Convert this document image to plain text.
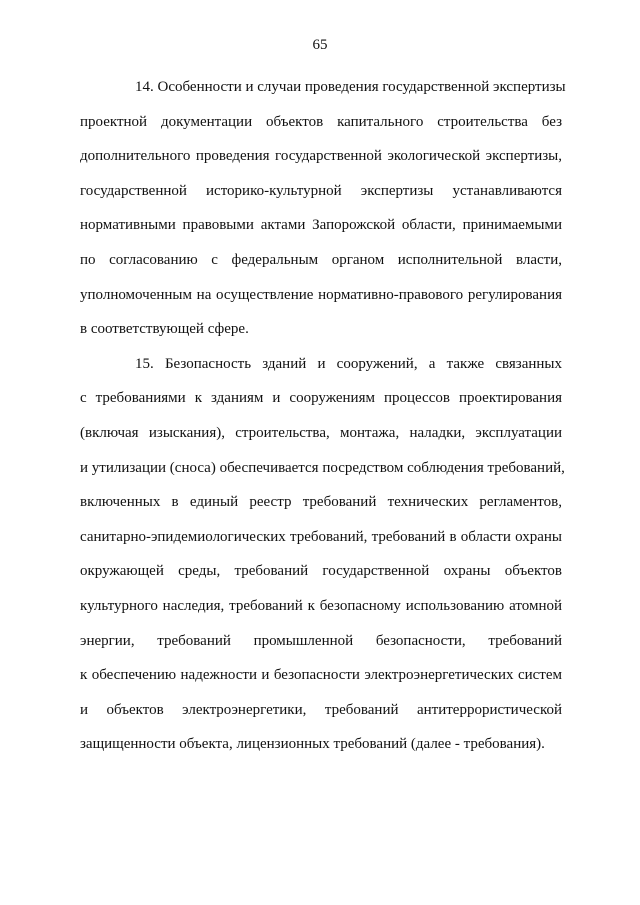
65

14. Особенности и случаи проведения государственной экспертизы
проектной документации объектов капитального строительства без
дополнительного проведения государственной экологической экспертизы,
государственной историко-культурной экспертизы устанавливаются
нормативными правовыми актами Запорожской области, принимаемыми
по согласованию с федеральным органом исполнительной власти,
уполномоченным на осуществление нормативно-правового регулирования
в соответствующей сфере.

15. Безопасность зданий и сооружений, а также связанных
с требованиями к зданиям и сооружениям процессов проектирования
(включая изыскания), строительства, монтажа, наладки, эксплуатации
и утилизации (сноса) обеспечивается посредством соблюдения требований,
включенных в единый реестр требований технических регламентов,
санитарно-эпидемиологических требований, требований в области охраны
окружающей среды, требований государственной охраны объектов
культурного наследия, требований к безопасному использованию атомной
энергии, требований промышленной безопасности, требований
к обеспечению надежности и безопасности электроэнергетических систем
и объектов электроэнергетики, требований антитеррористической
защищенности объекта, лицензионных требований (далее - требования).
